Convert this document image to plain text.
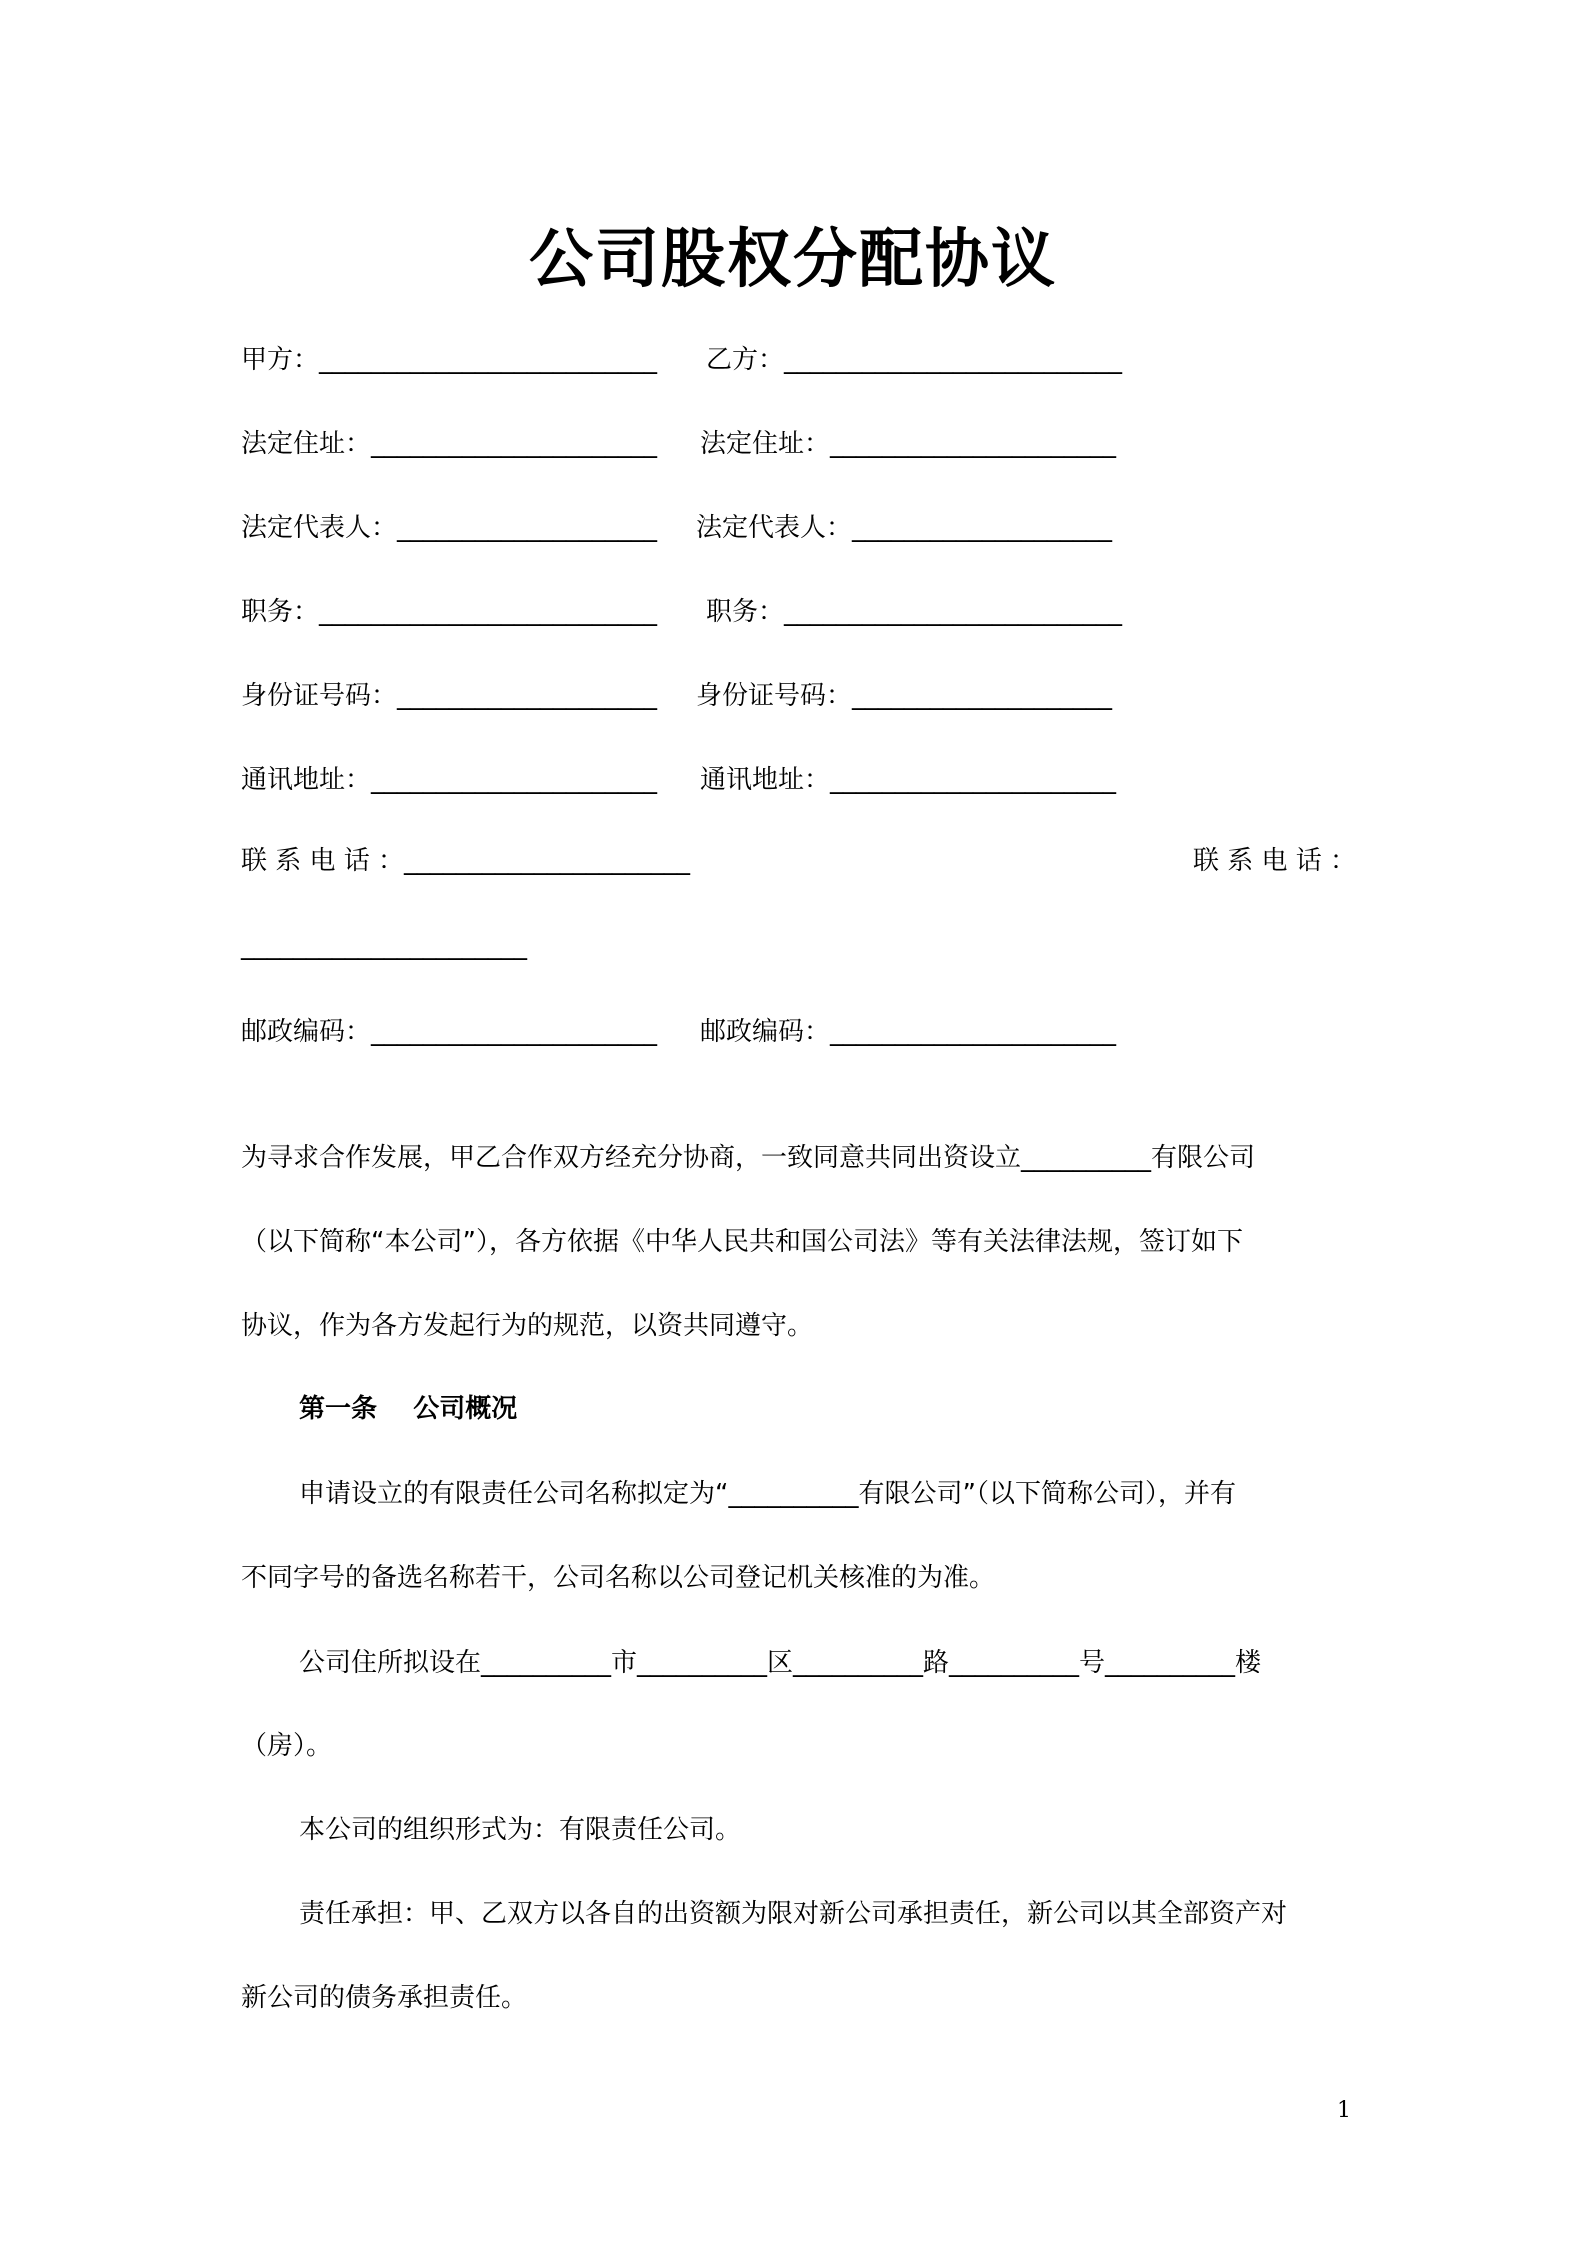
公司股权分配协议

甲方：__________________________ 乙方：__________________________

法定住址：______________________ 法定住址：______________________

法定代表人：____________________ 法定代表人：____________________

职务：__________________________ 职务：__________________________

身份证号码：____________________ 身份证号码：____________________

通讯地址：______________________ 通讯地址：______________________

联 系 电 话 ：______________________	联 系 电 话 ：

______________________

邮政编码：______________________ 邮政编码：______________________

为寻求合作发展，甲乙合作双方经充分协商，一致同意共同出资设立__________有限公司

（以下简称“本公司”），各方依据《中华人民共和国公司法》等有关法律法规，签订如下

协议，作为各方发起行为的规范，以资共同遵守。

第一条    公司概况

申请设立的有限责任公司名称拟定为“__________有限公司”（以下简称公司），并有

不同字号的备选名称若干，公司名称以公司登记机关核准的为准。

公司住所拟设在__________市__________区__________路__________号__________楼

（房）。

本公司的组织形式为：有限责任公司。

责任承担：甲、乙双方以各自的出资额为限对新公司承担责任，新公司以其全部资产对

新公司的债务承担责任。

1
